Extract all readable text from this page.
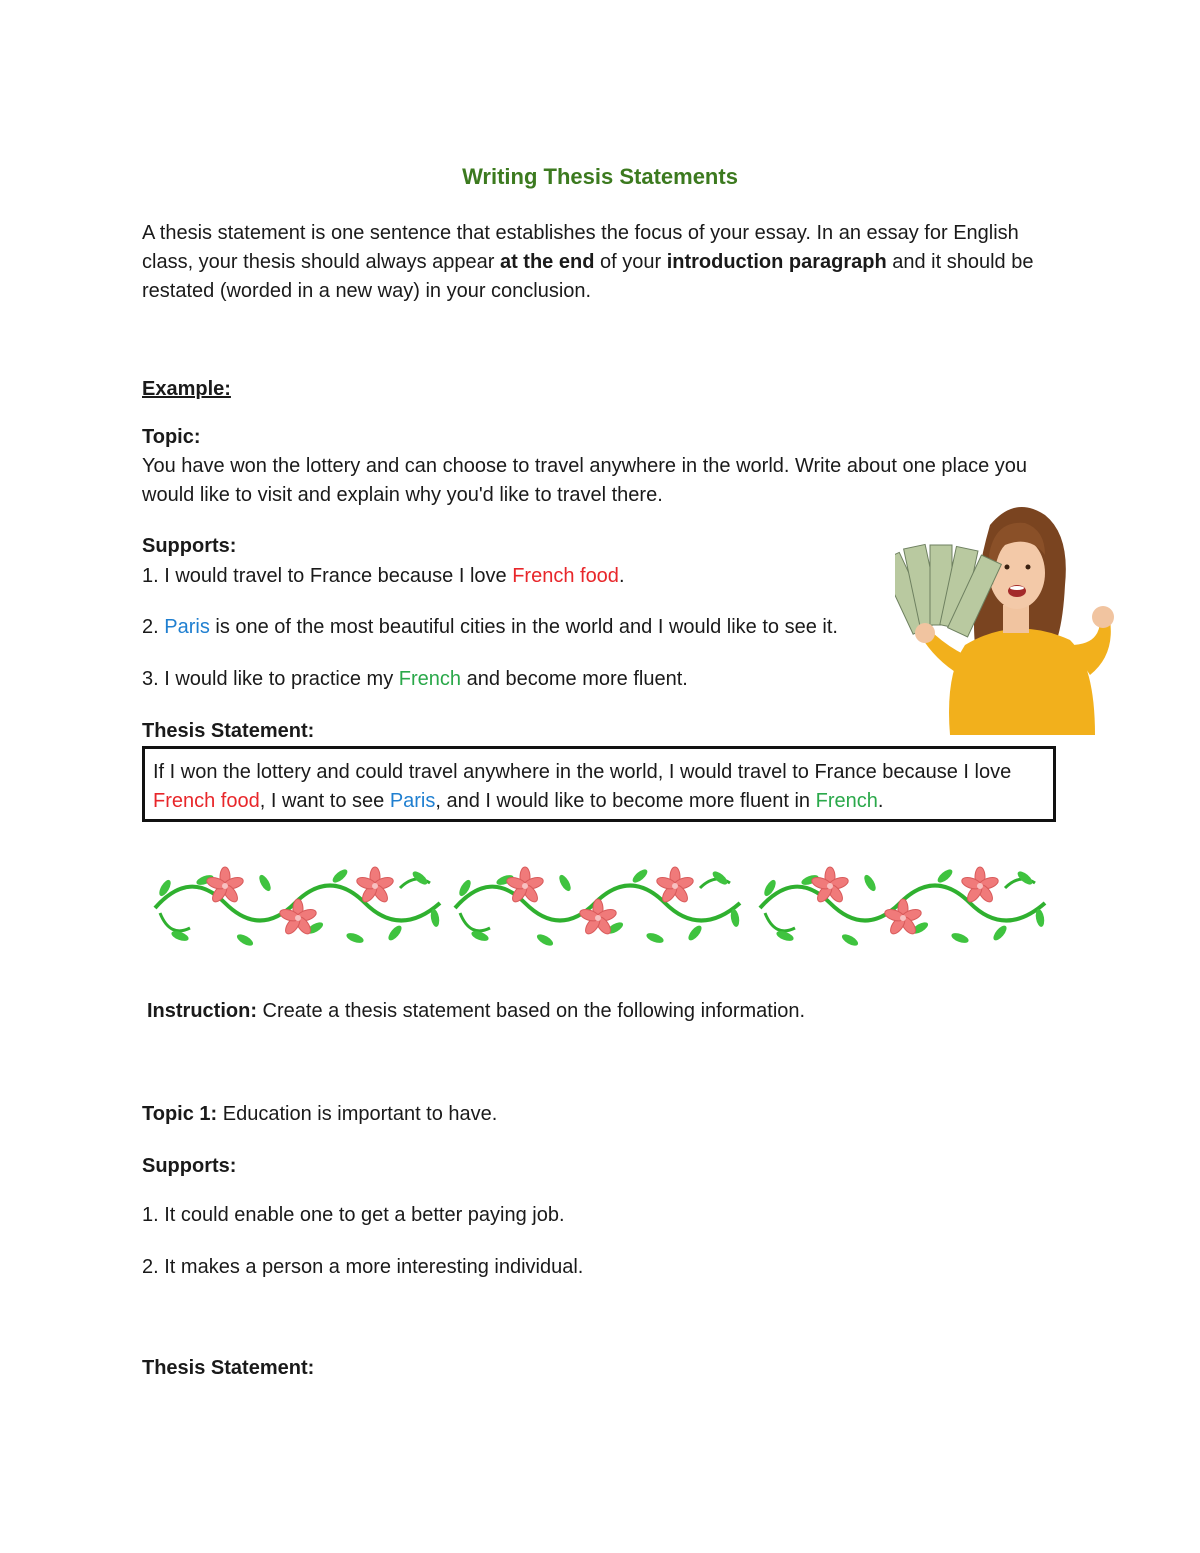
Writing Thesis Statements
A thesis statement is one sentence that establishes the focus of your essay. In an essay for English class, your thesis should always appear at the end of your introduction paragraph and it should be restated (worded in a new way) in your conclusion.
Example:
Topic:
You have won the lottery and can choose to travel anywhere in the world. Write about one place you would like to visit and explain why you'd like to travel there.
Supports:
1. I would travel to France because I love French food.
2. Paris is one of the most beautiful cities in the world and I would like to see it.
3. I would like to practice my French and become more fluent.
Thesis Statement:
If I won the lottery and could travel anywhere in the world, I would travel to France because I love French food, I want to see Paris, and I would like to become more fluent in French.
Instruction: Create a thesis statement based on the following information.
Topic 1: Education is important to have.
Supports:
1. It could enable one to get a better paying job.
2. It makes a person a more interesting individual.
Thesis Statement:
